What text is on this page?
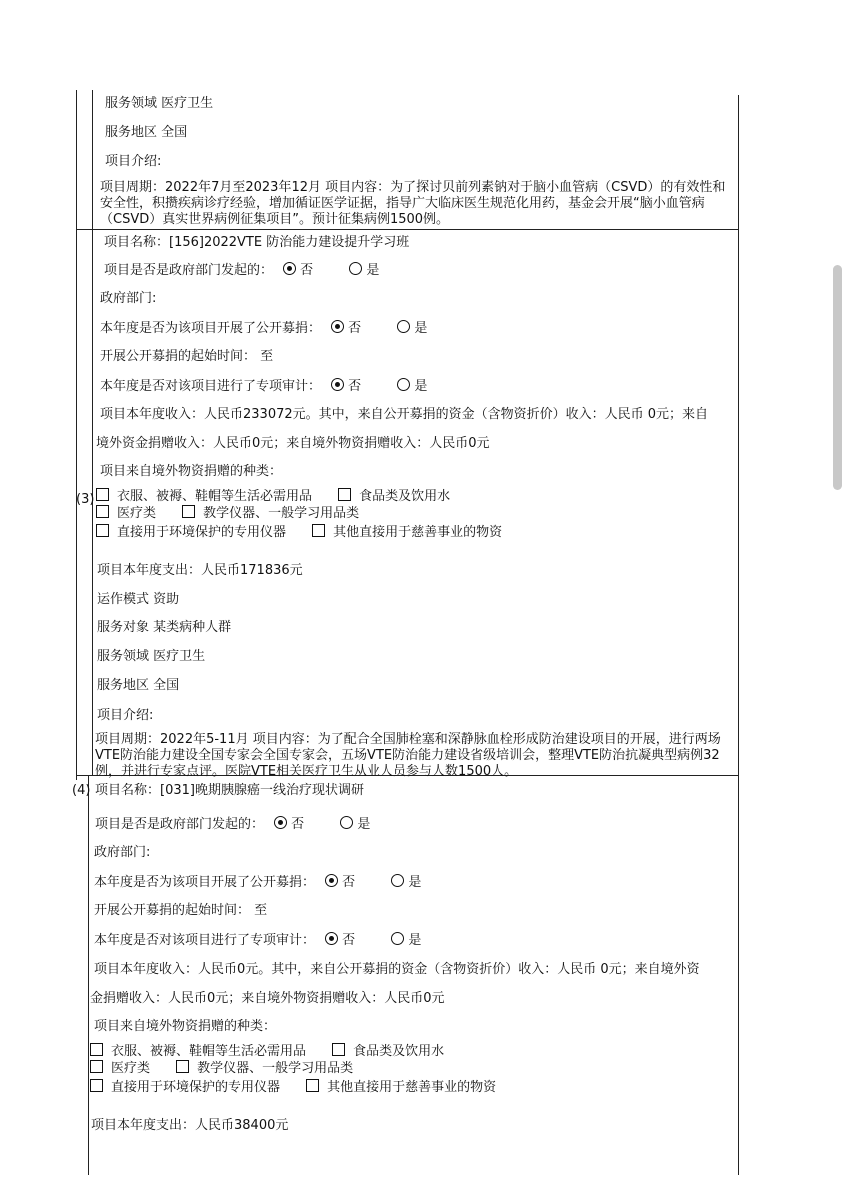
服务领域 医疗卫生
服务地区 全国
项目介绍:
项目周期：2022年7月至2023年12月 项目内容：为了探讨贝前列素钠对于脑小血管病（CSVD）的有效性和安全性，积攒疾病诊疗经验，增加循证医学证据，指导广大临床医生规范化用药，基金会开展“脑小血管病（CSVD）真实世界病例征集项目”。预计征集病例1500例。
(3)
项目名称：[156]2022VTE 防治能力建设提升学习班
项目是否是政府部门发起的： 否	是
政府部门:
本年度是否为该项目开展了公开募捐： 否	是
开展公开募捐的起始时间： 至
本年度是否对该项目进行了专项审计： 否	是
项目本年度收入：人民币233072元。其中，来自公开募捐的资金（含物资折价）收入：人民币 0元；来自
境外资金捐赠收入：人民币0元；来自境外物资捐赠收入：人民币0元
项目来自境外物资捐赠的种类：
衣服、被褥、鞋帽等生活必需用品	食品类及饮用水
医疗类	教学仪器、一般学习用品类
直接用于环境保护的专用仪器	其他直接用于慈善事业的物资
项目本年度支出：人民币171836元
运作模式 资助
服务对象 某类病种人群
服务领域 医疗卫生
服务地区 全国
项目介绍:
项目周期：2022年5-11月 项目内容：为了配合全国肺栓塞和深静脉血栓形成防治建设项目的开展，进行两场VTE防治能力建设全国专家会全国专家会，五场VTE防治能力建设省级培训会，整理VTE防治抗凝典型病例32例，并进行专家点评。医院VTE相关医疗卫生从业人员参与人数1500人。
(4) 项目名称：[031]晚期胰腺癌一线治疗现状调研
项目是否是政府部门发起的： 否	是
政府部门:
本年度是否为该项目开展了公开募捐： 否	是
开展公开募捐的起始时间： 至
本年度是否对该项目进行了专项审计： 否	是
项目本年度收入：人民币0元。其中，来自公开募捐的资金（含物资折价）收入：人民币 0元；来自境外资
金捐赠收入：人民币0元；来自境外物资捐赠收入：人民币0元
项目来自境外物资捐赠的种类：
衣服、被褥、鞋帽等生活必需用品	食品类及饮用水
医疗类	教学仪器、一般学习用品类
直接用于环境保护的专用仪器	其他直接用于慈善事业的物资
项目本年度支出：人民币38400元
